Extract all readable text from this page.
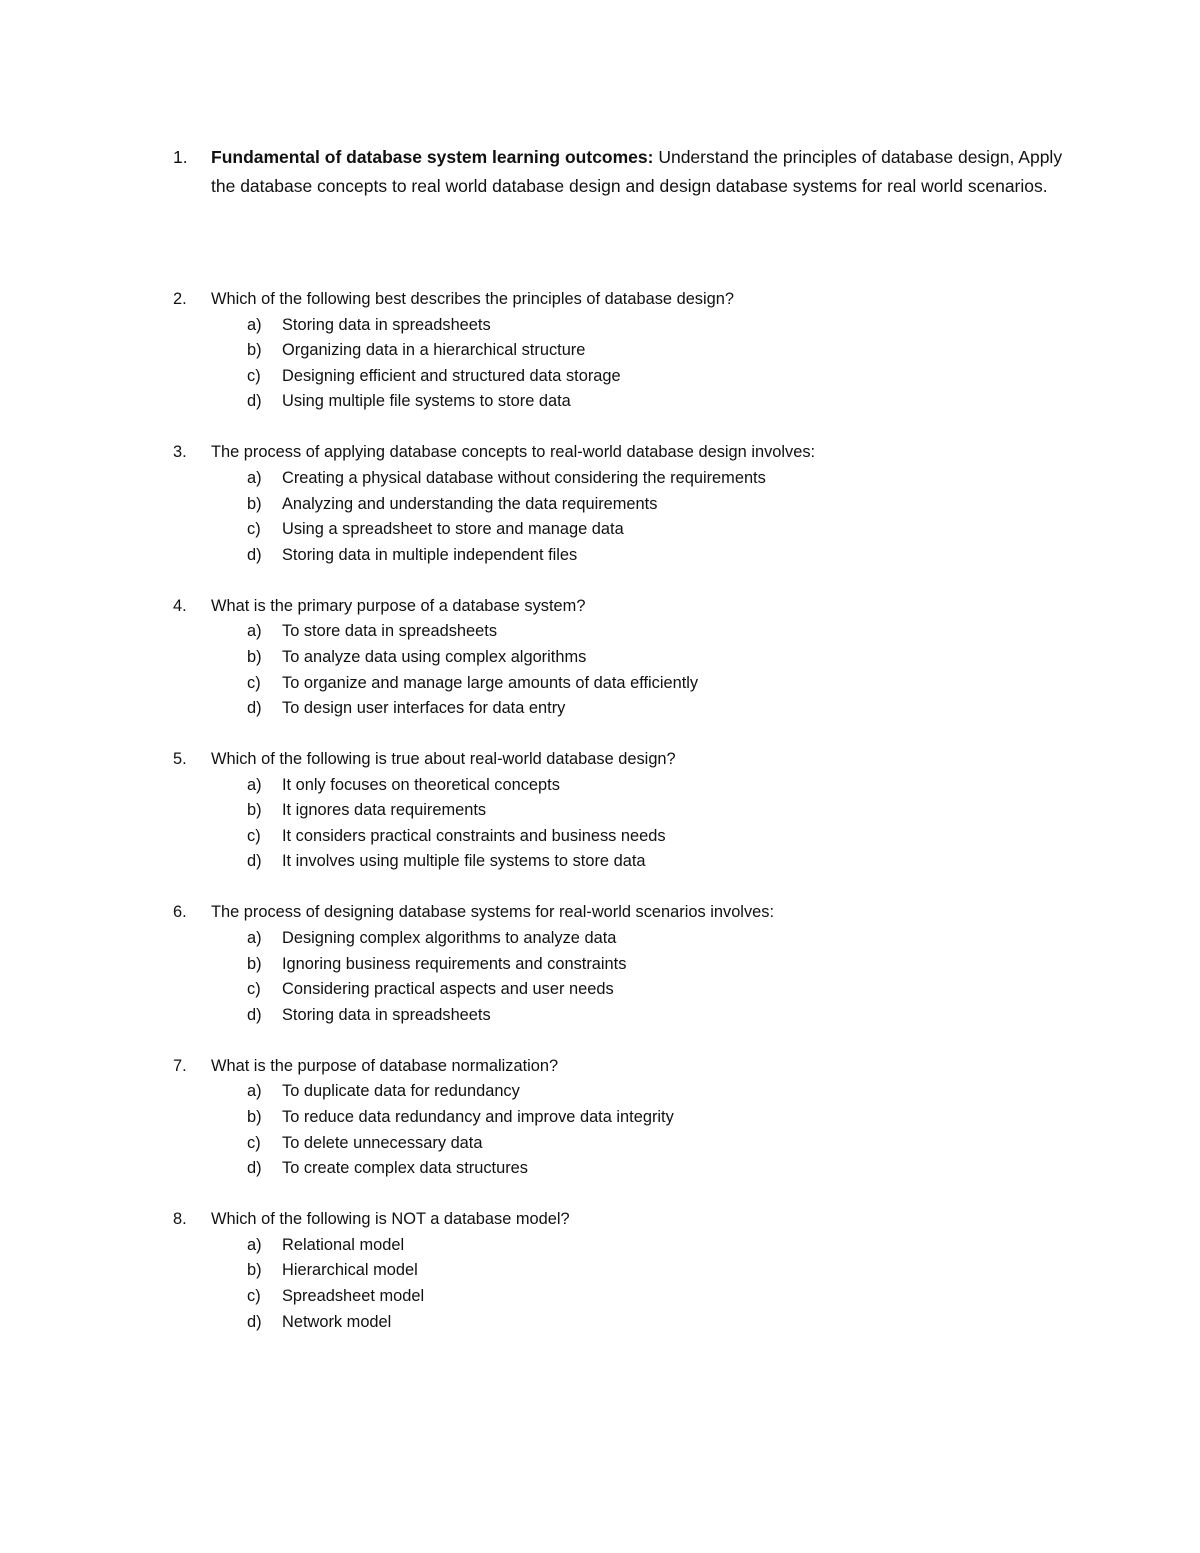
1. Fundamental of database system learning outcomes: Understand the principles of database design, Apply the database concepts to real world database design and design database systems for real world scenarios.
2. Which of the following best describes the principles of database design?
a) Storing data in spreadsheets
b) Organizing data in a hierarchical structure
c) Designing efficient and structured data storage
d) Using multiple file systems to store data
3. The process of applying database concepts to real-world database design involves:
a) Creating a physical database without considering the requirements
b) Analyzing and understanding the data requirements
c) Using a spreadsheet to store and manage data
d) Storing data in multiple independent files
4. What is the primary purpose of a database system?
a) To store data in spreadsheets
b) To analyze data using complex algorithms
c) To organize and manage large amounts of data efficiently
d) To design user interfaces for data entry
5. Which of the following is true about real-world database design?
a) It only focuses on theoretical concepts
b) It ignores data requirements
c) It considers practical constraints and business needs
d) It involves using multiple file systems to store data
6. The process of designing database systems for real-world scenarios involves:
a) Designing complex algorithms to analyze data
b) Ignoring business requirements and constraints
c) Considering practical aspects and user needs
d) Storing data in spreadsheets
7. What is the purpose of database normalization?
a) To duplicate data for redundancy
b) To reduce data redundancy and improve data integrity
c) To delete unnecessary data
d) To create complex data structures
8. Which of the following is NOT a database model?
a) Relational model
b) Hierarchical model
c) Spreadsheet model
d) Network model
